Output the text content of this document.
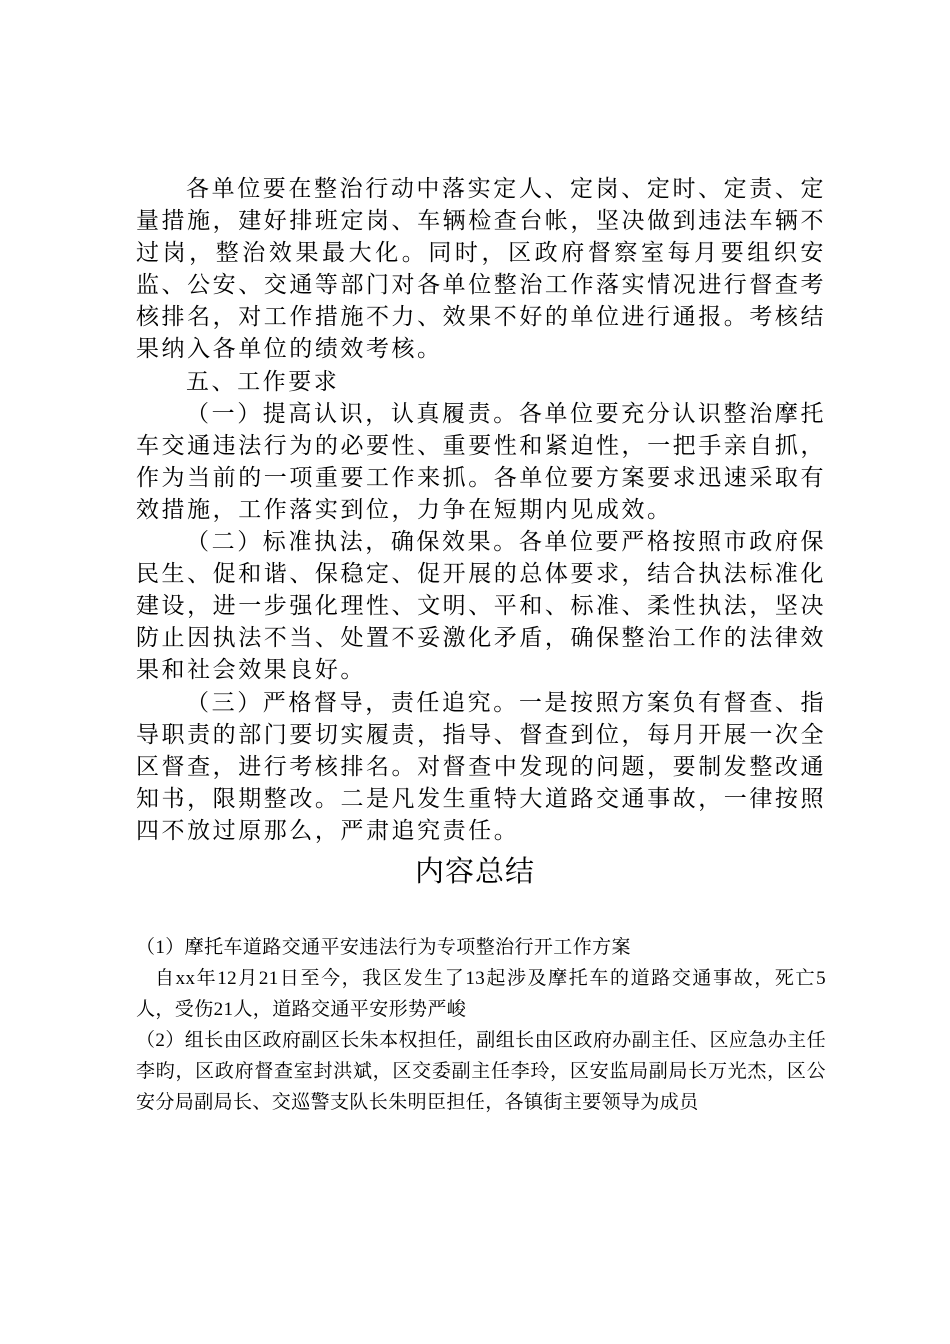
各单位要在整治行动中落实定人、定岗、定时、定责、定量措施，建好排班定岗、车辆检查台帐，坚决做到违法车辆不过岗，整治效果最大化。同时，区政府督察室每月要组织安监、公安、交通等部门对各单位整治工作落实情况进行督查考核排名，对工作措施不力、效果不好的单位进行通报。考核结果纳入各单位的绩效考核。

五、工作要求

（一）提高认识，认真履责。各单位要充分认识整治摩托车交通违法行为的必要性、重要性和紧迫性，一把手亲自抓，作为当前的一项重要工作来抓。各单位要方案要求迅速采取有效措施，工作落实到位，力争在短期内见成效。

（二）标准执法，确保效果。各单位要严格按照市政府保民生、促和谐、保稳定、促开展的总体要求，结合执法标准化建设，进一步强化理性、文明、平和、标准、柔性执法，坚决防止因执法不当、处置不妥激化矛盾，确保整治工作的法律效果和社会效果良好。

（三）严格督导，责任追究。一是按照方案负有督查、指导职责的部门要切实履责，指导、督查到位，每月开展一次全区督查，进行考核排名。对督查中发现的问题，要制发整改通知书，限期整改。二是凡发生重特大道路交通事故，一律按照四不放过原那么，严肃追究责任。

内容总结

（1）摩托车道路交通平安违法行为专项整治行开工作方案

自xx年12月21日至今，我区发生了13起涉及摩托车的道路交通事故，死亡5人，受伤21人，道路交通平安形势严峻

（2）组长由区政府副区长朱本权担任，副组长由区政府办副主任、区应急办主任李昀，区政府督查室封洪斌，区交委副主任李玲，区安监局副局长万光杰，区公安分局副局长、交巡警支队长朱明臣担任，各镇街主要领导为成员
